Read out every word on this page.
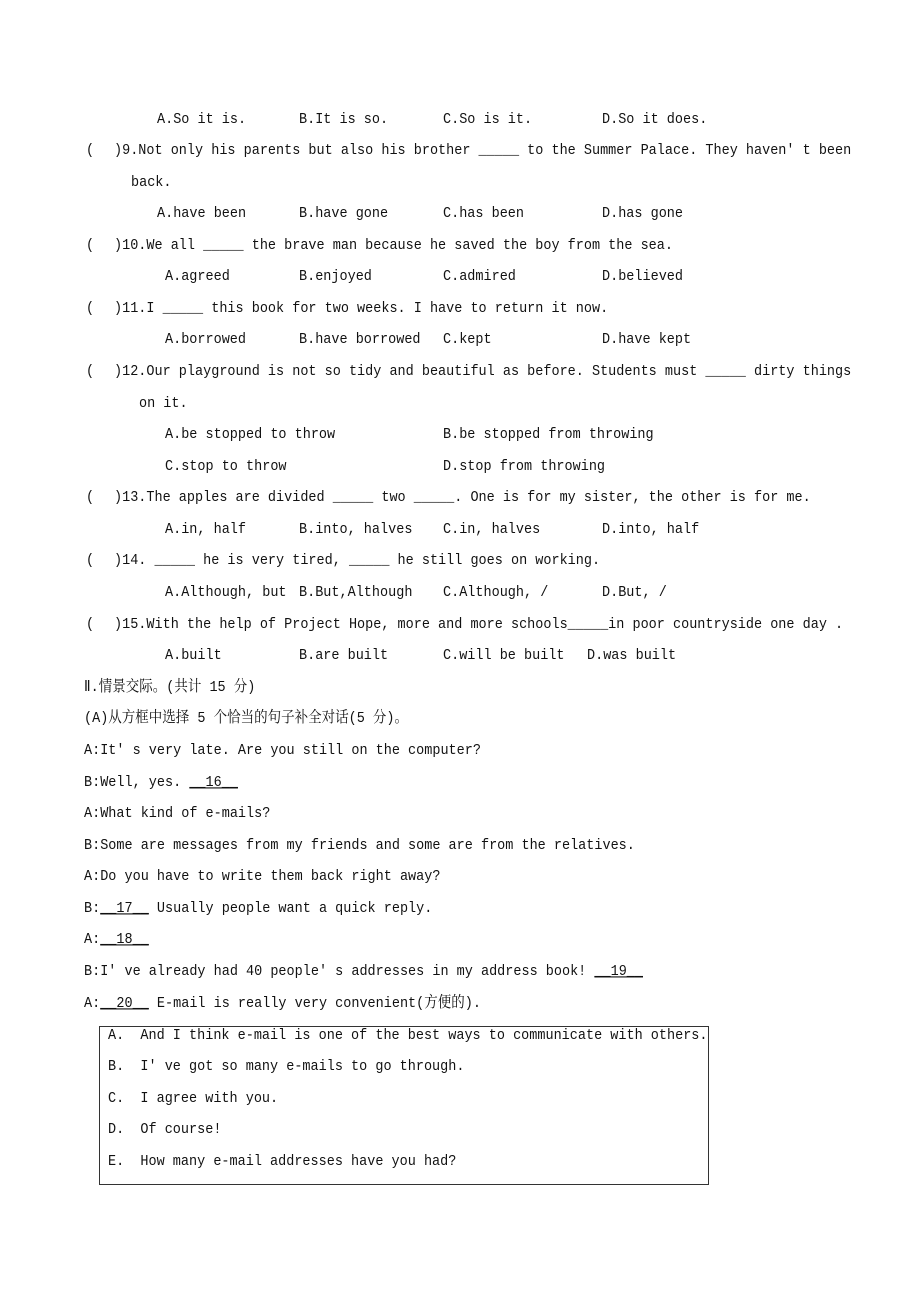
A.So it is.	B.It is so.	C.So is it.	D.So it does.
( )9.Not only his parents but also his brother _____ to the Summer Palace. They haven' t been
back.
A.have been	B.have gone	C.has been	D.has gone
( )10.We all _____ the brave man because he saved the boy from the sea.
A.agreed	B.enjoyed	C.admired	D.believed
( )11.I _____ this book for two weeks. I have to return it now.
A.borrowed	B.have borrowed C.kept	D.have kept
( )12.Our playground is not so tidy and beautiful as before. Students must _____ dirty things
on it.
A.be stopped to throw	B.be stopped from throwing
C.stop to throw	D.stop from throwing
( )13.The apples are divided _____ two _____. One is for my sister, the other is for me.
A.in, half	B.into, halves C.in, halves	D.into, half
( )14. _____ he is very tired, _____ he still goes on working.
A.Although, but B.But,Although C.Although, /	D.But, /
( )15.With the help of Project Hope, more and more schools_____in poor countryside one day .
A.built	B.are built	C.will be built D.was built
Ⅱ.情景交际。(共计 15 分)
(A)从方框中选择 5 个恰当的句子补全对话(5 分)。
A:It' s very late. Are you still on the computer?
B:Well, yes. __16__
A:What kind of e-mails?
B:Some are messages from my friends and some are from the relatives.
A:Do you have to write them back right away?
B:__17__ Usually people want a quick reply.
A:__18__
B:I' ve already had 40 people' s addresses in my address book! __19__
A:__20__ E-mail is really very convenient(方便的).
A.  And I think e-mail is one of the best ways to communicate with others.
B.  I' ve got so many e-mails to go through.
C.  I agree with you.
D.  Of course!
E.  How many e-mail addresses have you had?
